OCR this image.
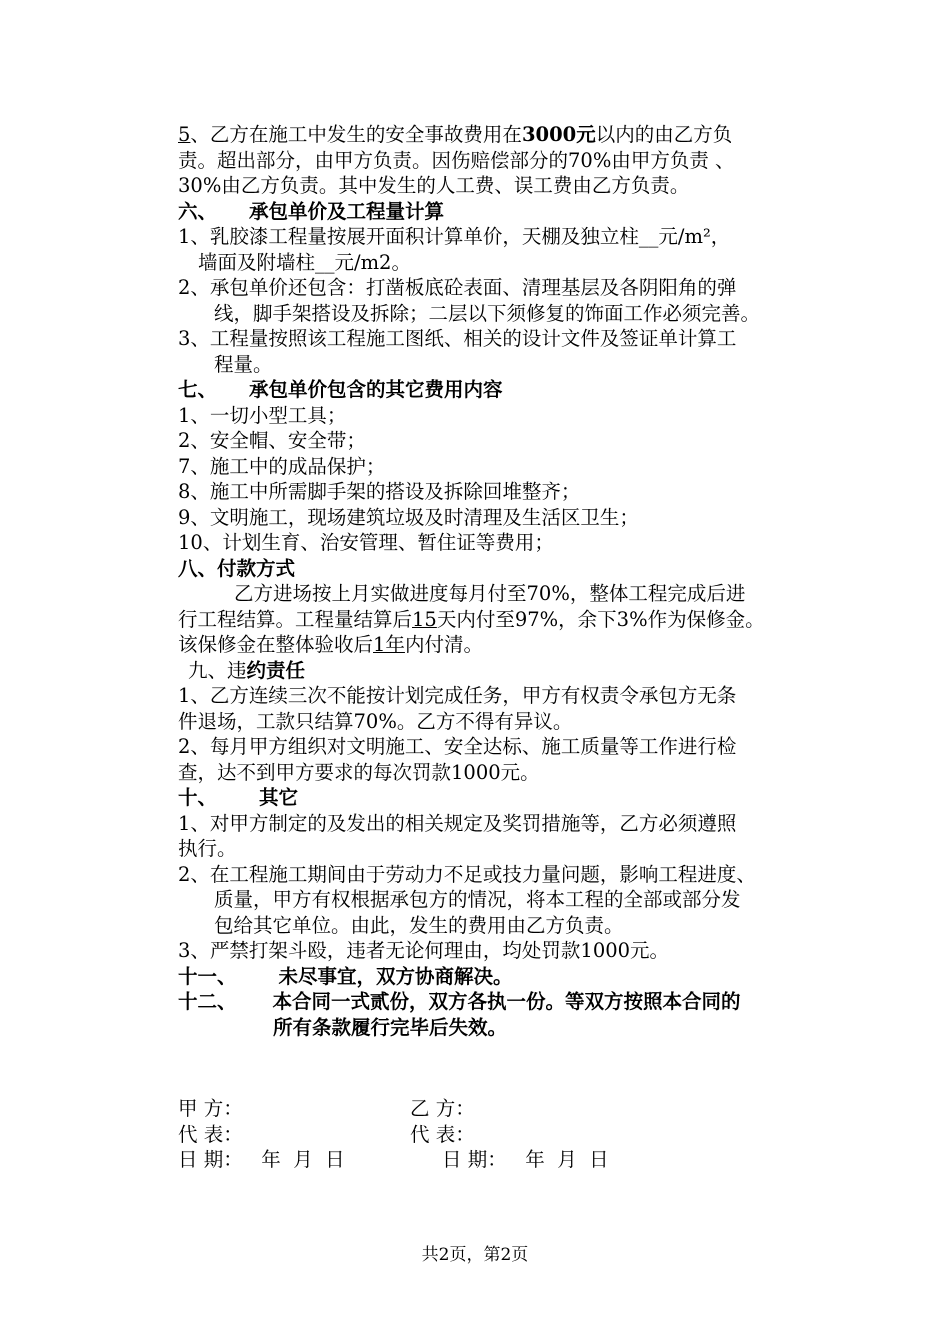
5、乙方在施工中发生的安全事故费用在3000元以内的由乙方负
责。超出部分，由甲方负责。因伤赔偿部分的70%由甲方负责 、
30%由乙方负责。其中发生的人工费、误工费由乙方负责。
六、 承包单价及工程量计算
1、乳胶漆工程量按展开面积计算单价，天棚及独立柱__元/m²，
墙面及附墙柱__元/m2。
2、承包单价还包含：打凿板底砼表面、清理基层及各阴阳角的弹
线，脚手架搭设及拆除；二层以下须修复的饰面工作必须完善。
3、工程量按照该工程施工图纸、相关的设计文件及签证单计算工
程量。
七、 承包单价包含的其它费用内容
1、一切小型工具；
2、安全帽、安全带；
7、施工中的成品保护；
8、施工中所需脚手架的搭设及拆除回堆整齐；
9、文明施工，现场建筑垃圾及时清理及生活区卫生；
10、计划生育、治安管理、暂住证等费用；
八、付款方式
乙方进场按上月实做进度每月付至70%，整体工程完成后进
行工程结算。工程量结算后15天内付至97%，余下3%作为保修金。
该保修金在整体验收后1年内付清。
九、违约责任
1、乙方连续三次不能按计划完成任务，甲方有权责令承包方无条
件退场，工款只结算70%。乙方不得有异议。
2、每月甲方组织对文明施工、安全达标、施工质量等工作进行检
查，达不到甲方要求的每次罚款1000元。
十、 其它
1、对甲方制定的及发出的相关规定及奖罚措施等，乙方必须遵照
执行。
2、在工程施工期间由于劳动力不足或技力量问题，影响工程进度、
质量，甲方有权根据承包方的情况，将本工程的全部或部分发
包给其它单位。由此，发生的费用由乙方负责。
3、严禁打架斗殴，违者无论何理由，均处罚款1000元。
十一、 未尽事宜，双方协商解决。
十二、 本合同一式贰份，双方各执一份。等双方按照本合同的
所有条款履行完毕后失效。
甲 方：	乙 方：
代 表：	代 表：
日 期：   年  月  日	日 期：   年  月  日
共2页，第2页
